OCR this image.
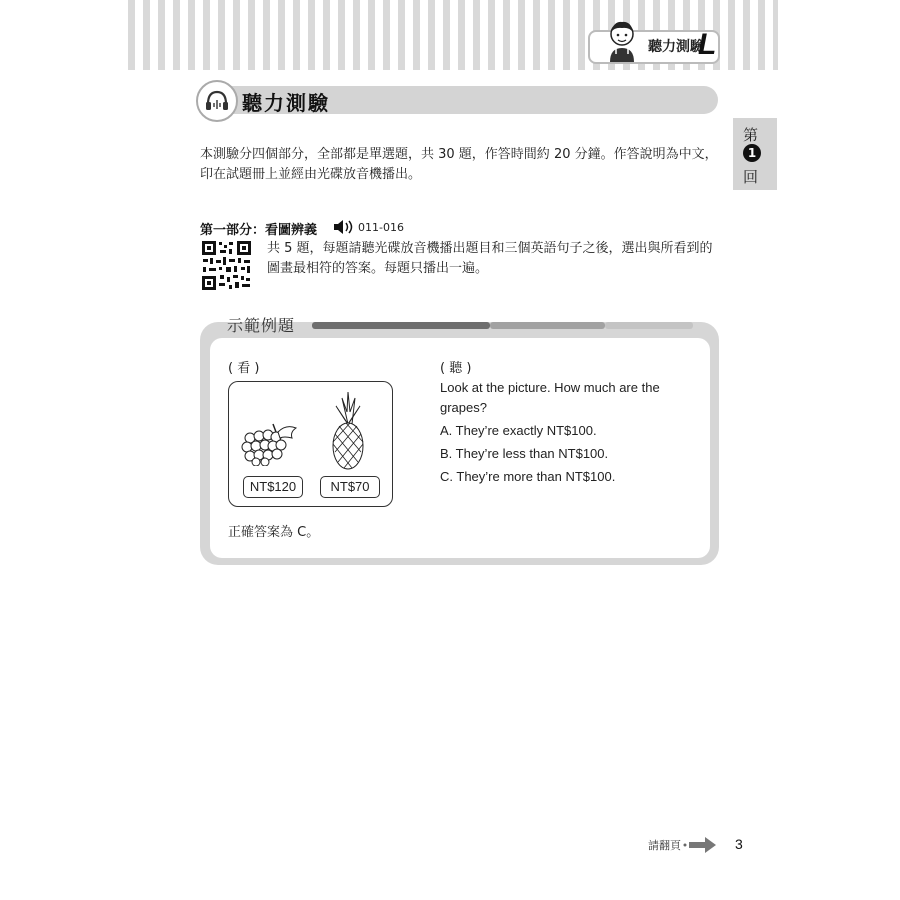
聽力測驗
L
第
1
回
聽力測驗
本測驗分四個部分，全部都是單選題，共 30 題，作答時間約 20 分鐘。作答說明為中文，印在試題冊上並經由光碟放音機播出。
第一部分：看圖辨義	011-016
共 5 題，每題請聽光碟放音機播出題目和三個英語句子之後，選出與所看到的圖畫最相符的答案。每題只播出一遍。
示範例題
( 看 )	( 聽 )
NT$120	NT$70
Look at the picture. How much are the grapes?
A. They’re exactly NT$100.
B. They’re less than NT$100.
C. They’re more than NT$100.
正確答案為 C。
請翻頁	3
